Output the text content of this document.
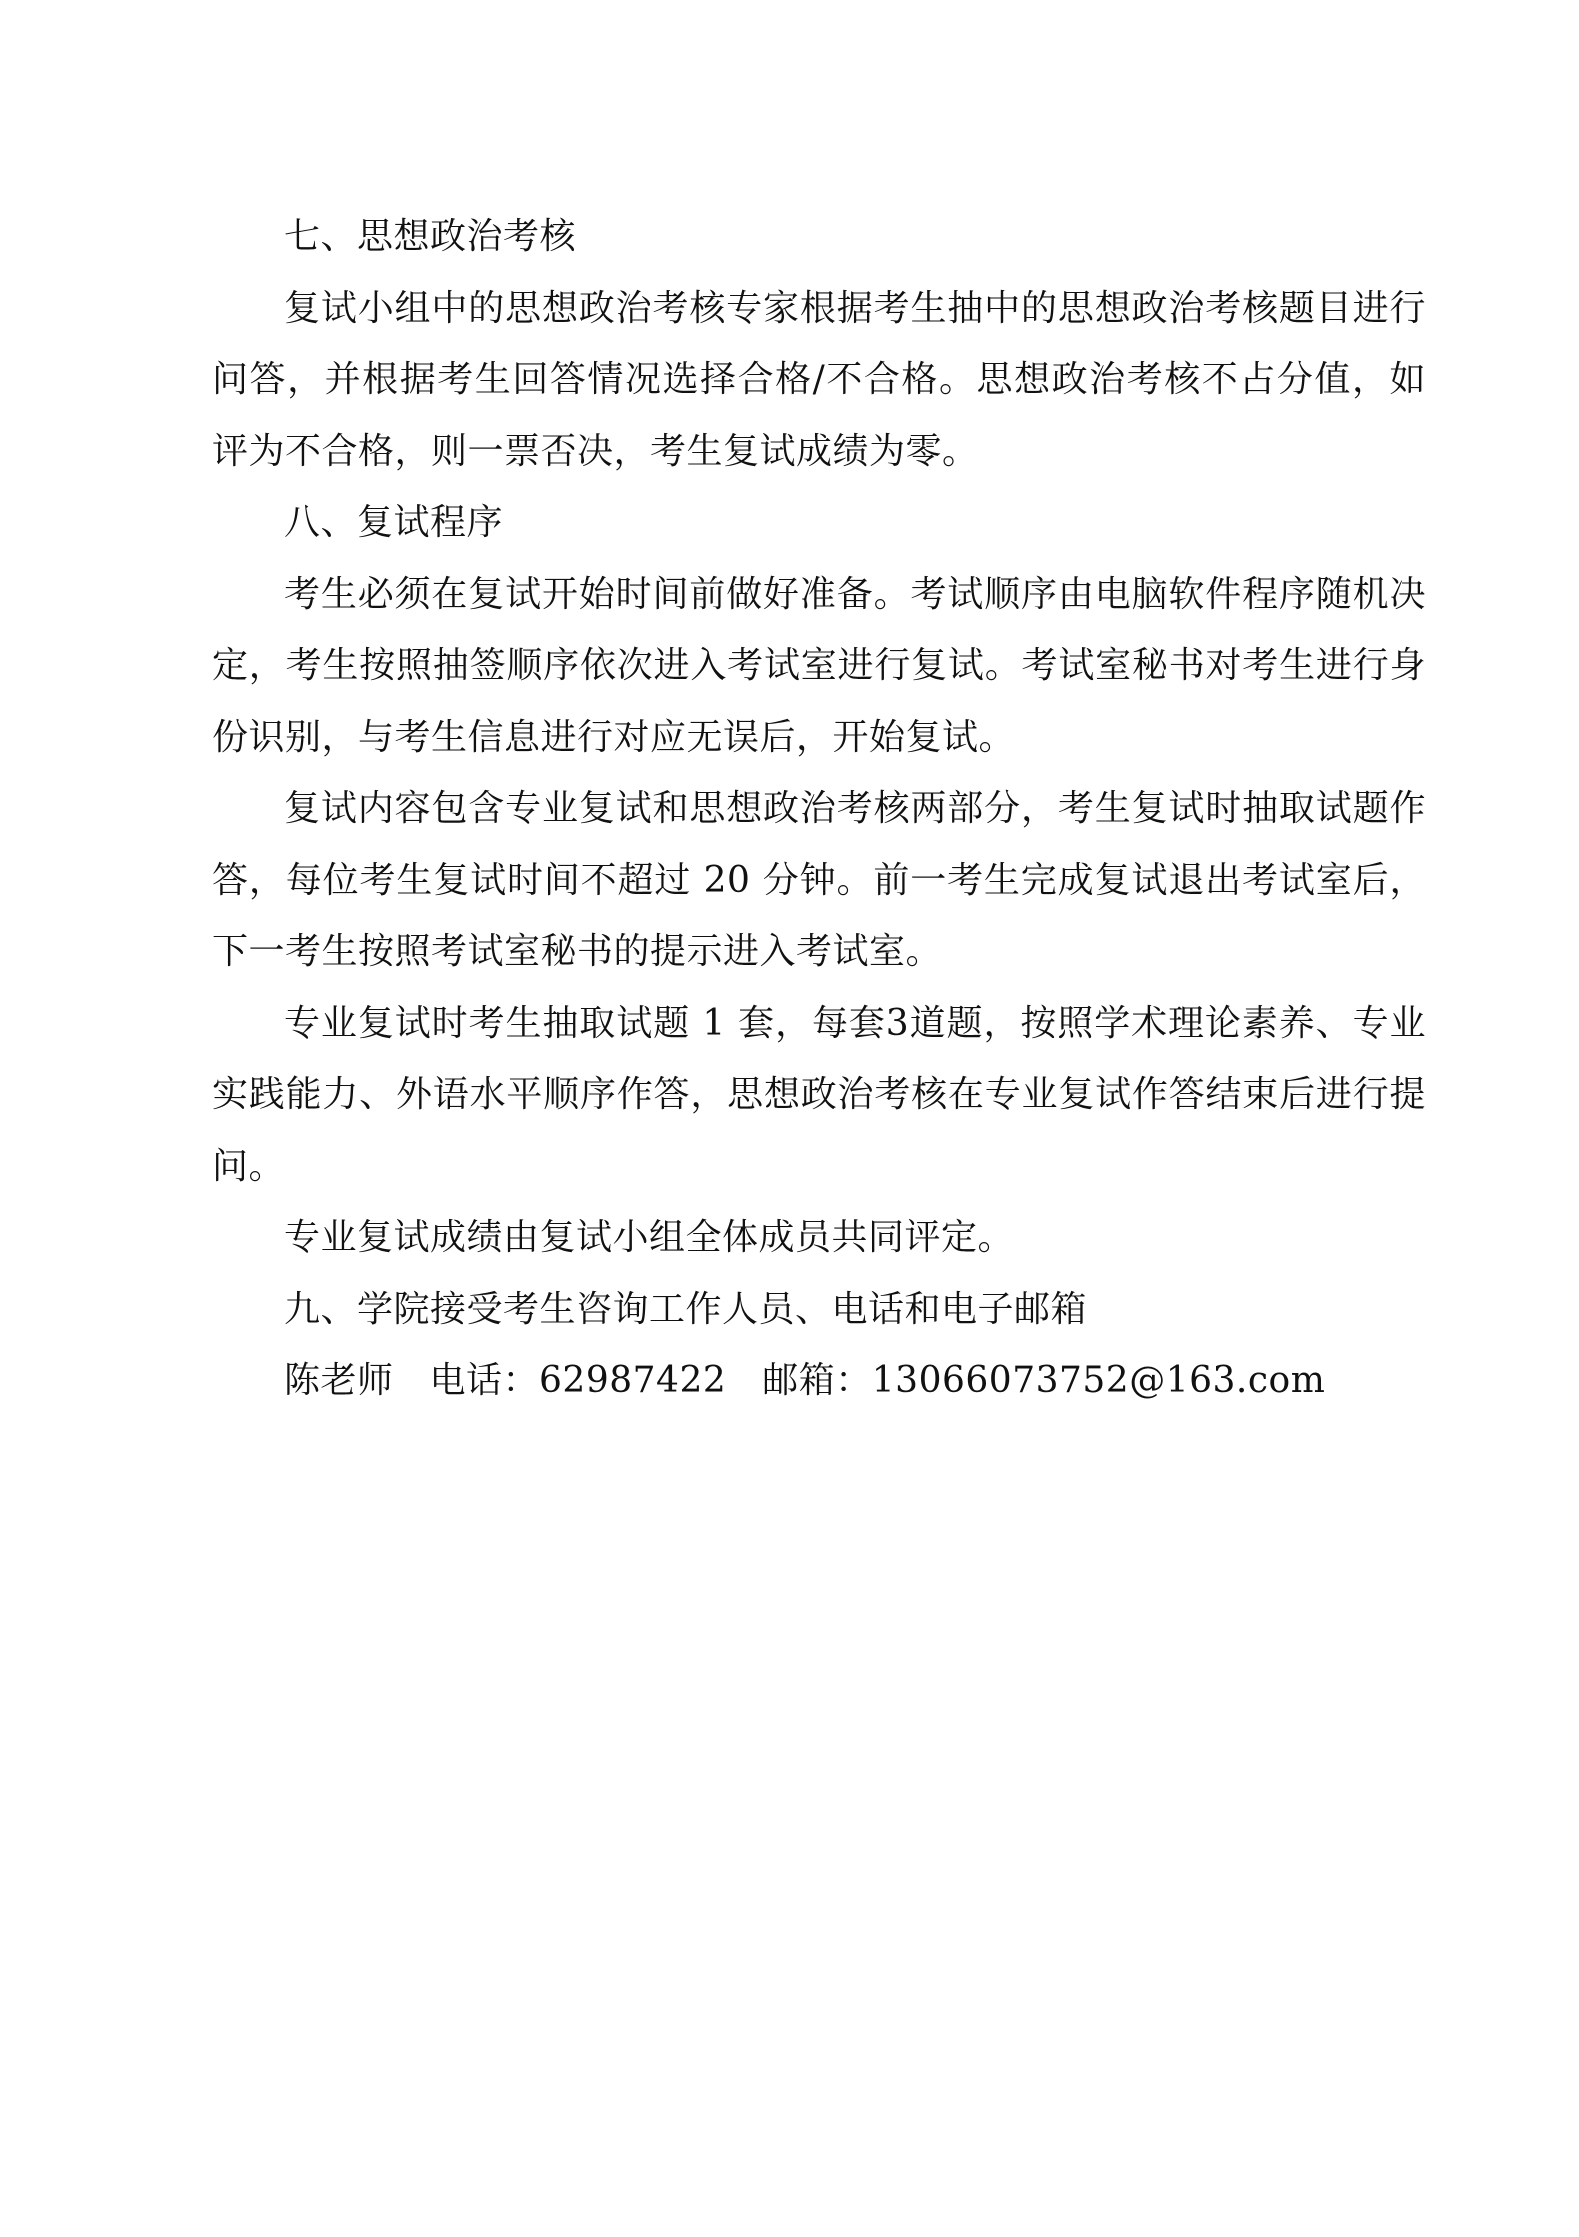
七、思想政治考核

复试小组中的思想政治考核专家根据考生抽中的思想政治考核题目进行问答，并根据考生回答情况选择合格/不合格。思想政治考核不占分值，如评为不合格，则一票否决，考生复试成绩为零。

八、复试程序

考生必须在复试开始时间前做好准备。考试顺序由电脑软件程序随机决定，考生按照抽签顺序依次进入考试室进行复试。考试室秘书对考生进行身份识别，与考生信息进行对应无误后，开始复试。

复试内容包含专业复试和思想政治考核两部分，考生复试时抽取试题作答，每位考生复试时间不超过 20 分钟。前一考生完成复试退出考试室后，下一考生按照考试室秘书的提示进入考试室。

专业复试时考生抽取试题 1 套，每套3道题，按照学术理论素养、专业实践能力、外语水平顺序作答，思想政治考核在专业复试作答结束后进行提问。

专业复试成绩由复试小组全体成员共同评定。

九、学院接受考生咨询工作人员、电话和电子邮箱

陈老师 电话：62987422 邮箱：13066073752@163.com
